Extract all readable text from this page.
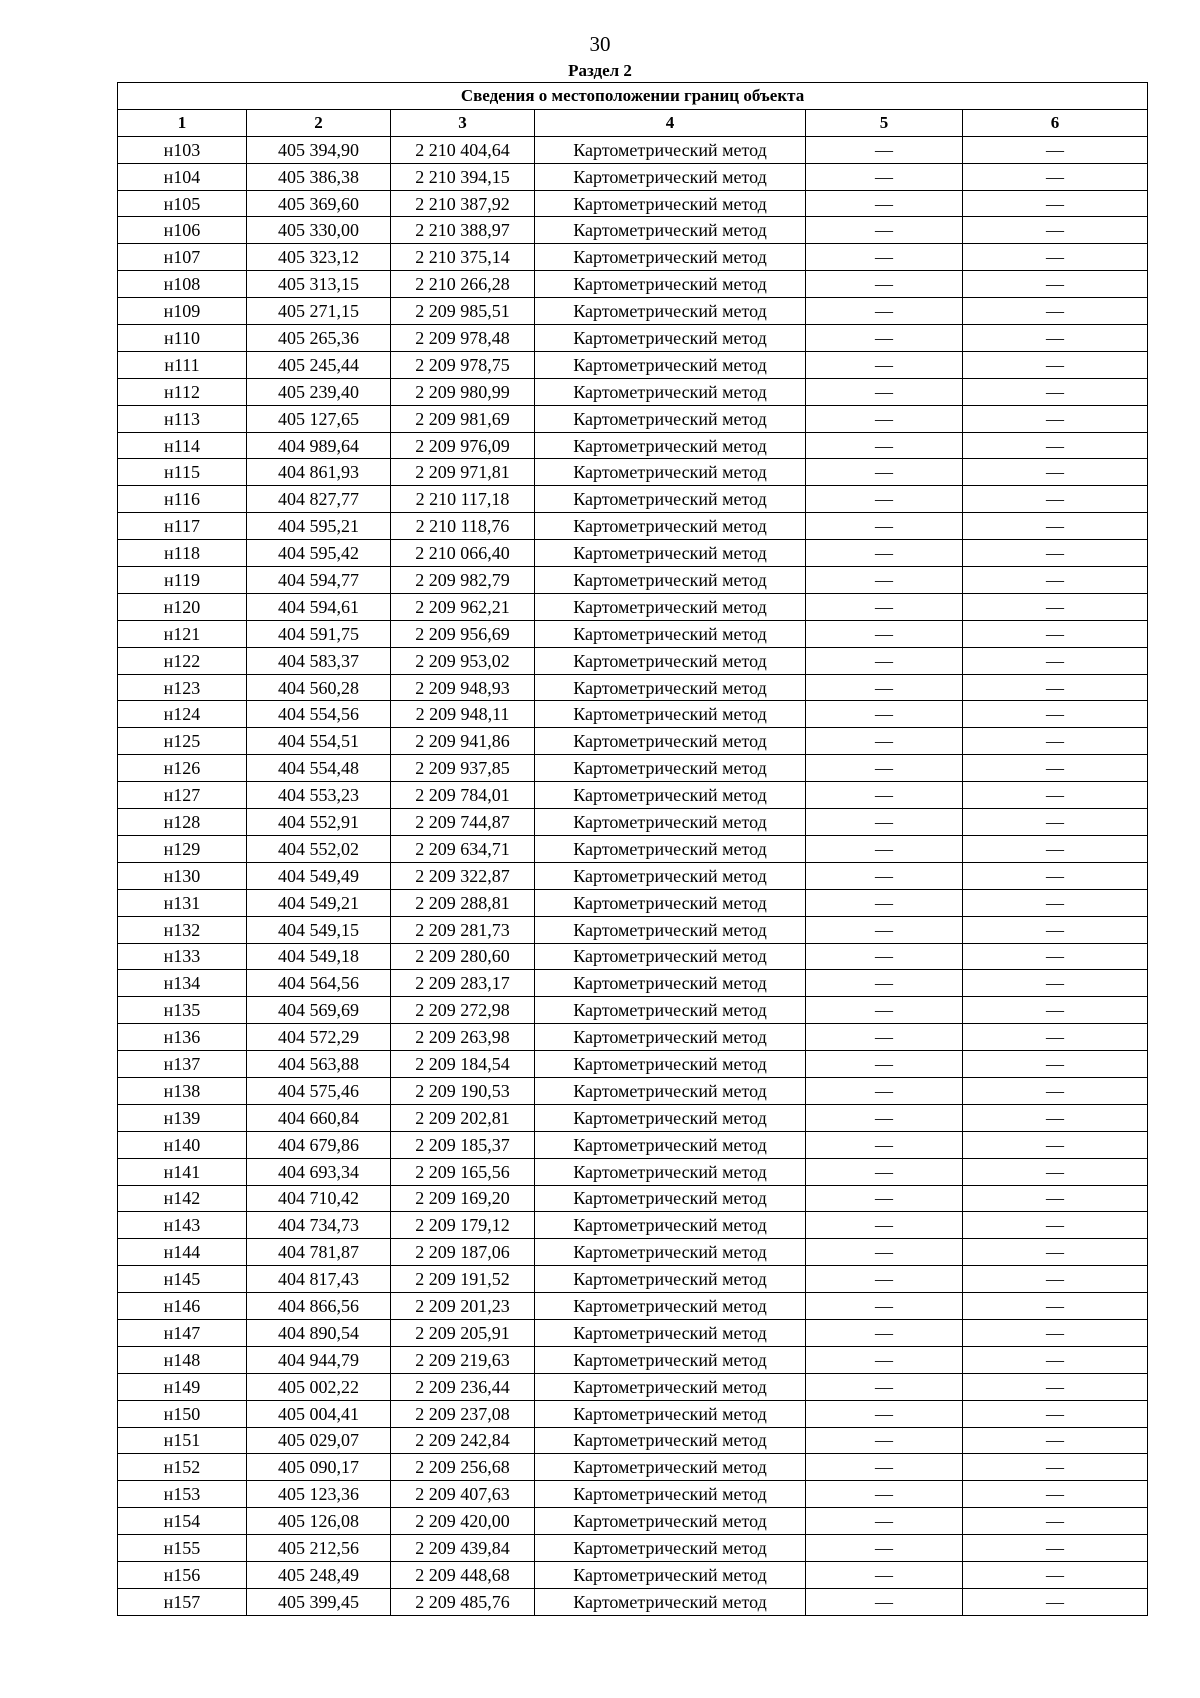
30
Раздел 2
Сведения о местоположении границ объекта					
1	2	3	4	5	6
н103	405 394,90	2 210 404,64	Картометрический метод	—	—
н104	405 386,38	2 210 394,15	Картометрический метод	—	—
н105	405 369,60	2 210 387,92	Картометрический метод	—	—
н106	405 330,00	2 210 388,97	Картометрический метод	—	—
н107	405 323,12	2 210 375,14	Картометрический метод	—	—
н108	405 313,15	2 210 266,28	Картометрический метод	—	—
н109	405 271,15	2 209 985,51	Картометрический метод	—	—
н110	405 265,36	2 209 978,48	Картометрический метод	—	—
н111	405 245,44	2 209 978,75	Картометрический метод	—	—
н112	405 239,40	2 209 980,99	Картометрический метод	—	—
н113	405 127,65	2 209 981,69	Картометрический метод	—	—
н114	404 989,64	2 209 976,09	Картометрический метод	—	—
н115	404 861,93	2 209 971,81	Картометрический метод	—	—
н116	404 827,77	2 210 117,18	Картометрический метод	—	—
н117	404 595,21	2 210 118,76	Картометрический метод	—	—
н118	404 595,42	2 210 066,40	Картометрический метод	—	—
н119	404 594,77	2 209 982,79	Картометрический метод	—	—
н120	404 594,61	2 209 962,21	Картометрический метод	—	—
н121	404 591,75	2 209 956,69	Картометрический метод	—	—
н122	404 583,37	2 209 953,02	Картометрический метод	—	—
н123	404 560,28	2 209 948,93	Картометрический метод	—	—
н124	404 554,56	2 209 948,11	Картометрический метод	—	—
н125	404 554,51	2 209 941,86	Картометрический метод	—	—
н126	404 554,48	2 209 937,85	Картометрический метод	—	—
н127	404 553,23	2 209 784,01	Картометрический метод	—	—
н128	404 552,91	2 209 744,87	Картометрический метод	—	—
н129	404 552,02	2 209 634,71	Картометрический метод	—	—
н130	404 549,49	2 209 322,87	Картометрический метод	—	—
н131	404 549,21	2 209 288,81	Картометрический метод	—	—
н132	404 549,15	2 209 281,73	Картометрический метод	—	—
н133	404 549,18	2 209 280,60	Картометрический метод	—	—
н134	404 564,56	2 209 283,17	Картометрический метод	—	—
н135	404 569,69	2 209 272,98	Картометрический метод	—	—
н136	404 572,29	2 209 263,98	Картометрический метод	—	—
н137	404 563,88	2 209 184,54	Картометрический метод	—	—
н138	404 575,46	2 209 190,53	Картометрический метод	—	—
н139	404 660,84	2 209 202,81	Картометрический метод	—	—
н140	404 679,86	2 209 185,37	Картометрический метод	—	—
н141	404 693,34	2 209 165,56	Картометрический метод	—	—
н142	404 710,42	2 209 169,20	Картометрический метод	—	—
н143	404 734,73	2 209 179,12	Картометрический метод	—	—
н144	404 781,87	2 209 187,06	Картометрический метод	—	—
н145	404 817,43	2 209 191,52	Картометрический метод	—	—
н146	404 866,56	2 209 201,23	Картометрический метод	—	—
н147	404 890,54	2 209 205,91	Картометрический метод	—	—
н148	404 944,79	2 209 219,63	Картометрический метод	—	—
н149	405 002,22	2 209 236,44	Картометрический метод	—	—
н150	405 004,41	2 209 237,08	Картометрический метод	—	—
н151	405 029,07	2 209 242,84	Картометрический метод	—	—
н152	405 090,17	2 209 256,68	Картометрический метод	—	—
н153	405 123,36	2 209 407,63	Картометрический метод	—	—
н154	405 126,08	2 209 420,00	Картометрический метод	—	—
н155	405 212,56	2 209 439,84	Картометрический метод	—	—
н156	405 248,49	2 209 448,68	Картометрический метод	—	—
н157	405 399,45	2 209 485,76	Картометрический метод	—	—
